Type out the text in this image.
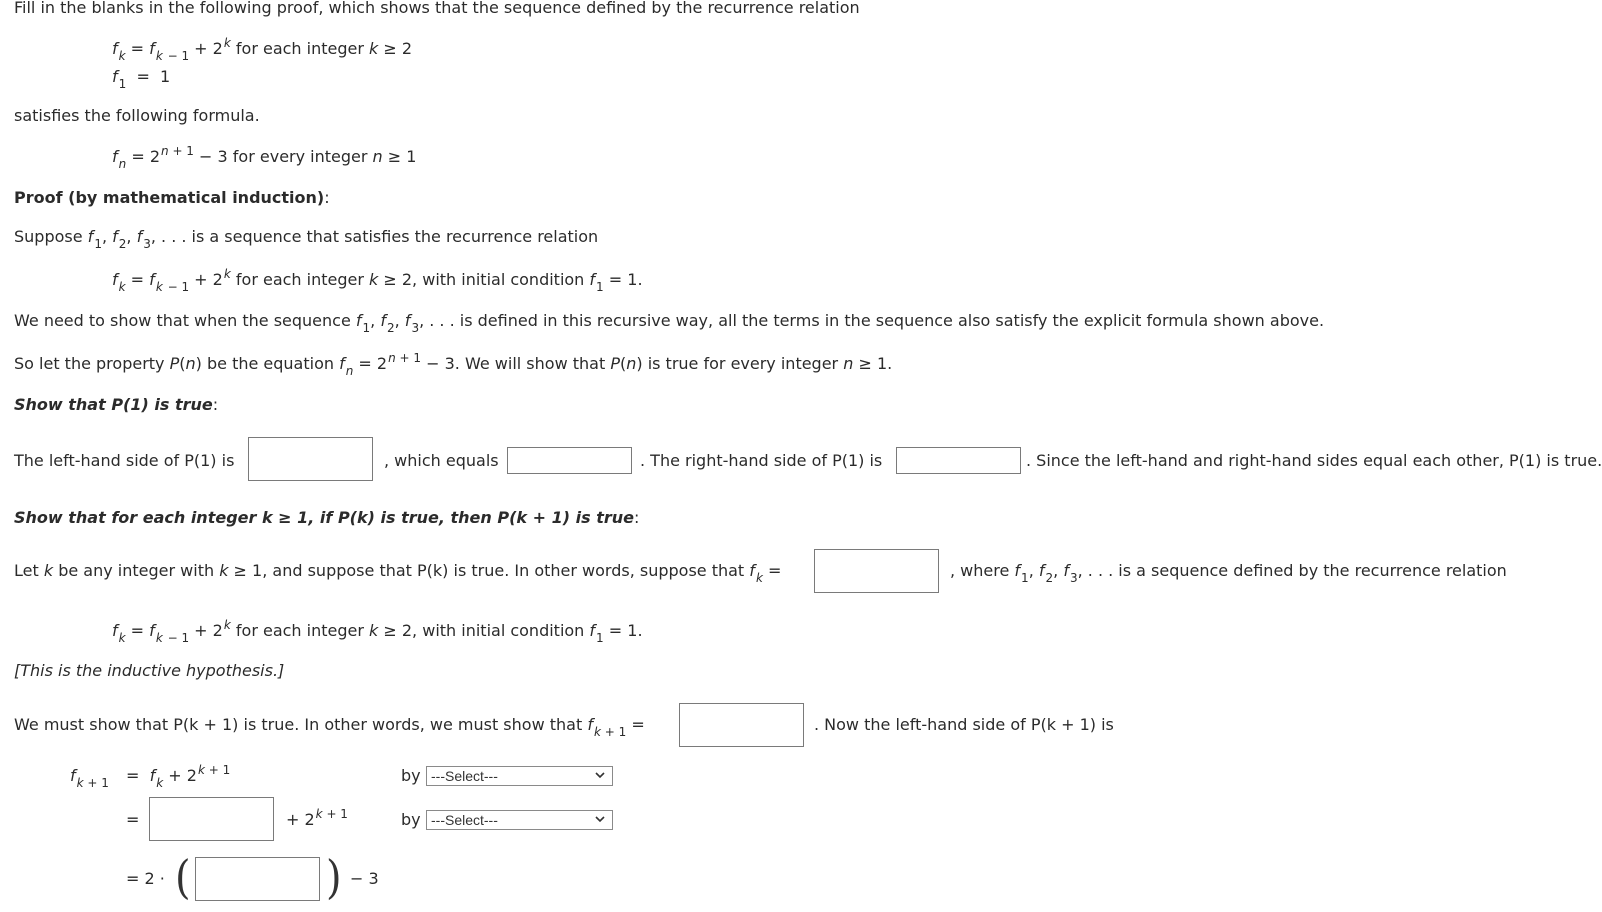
Fill in the blanks in the following proof, which shows that the sequence defined by the recurrence relation
$f_k = f_k$ $_{- 1} + 2^k$ for each integer k ≥ 2
$f_1 = 1$
satisfies the following formula.
$f_n = 2^{n + 1} - 3$ for every integer n ≥ 1
Proof (by mathematical induction):
Suppose $f_1$, $f_2$, $f_3$, . . . is a sequence that satisfies the recurrence relation
$f_k = f_k$ $_{- 1} + 2^k$ for each integer k ≥ 2, with initial condition $f_1 = 1$.
We need to show that when the sequence $f_1$, $f_2$, $f_3$, . . . is defined in this recursive way, all the terms in the sequence also satisfy the explicit formula shown above.
So let the property P(n) be the equation $f_n = 2^{n + 1} - 3$. We will show that P(n) is true for every integer n ≥ 1.
Show that P(1) is true:
The left-hand side of P(1) is	, which equals	. The right-hand side of P(1) is	. Since the left-hand and right-hand sides equal each other, P(1) is true.
Show that for each integer k ≥ 1, if P(k) is true, then P(k + 1) is true:
Let k be any integer with k ≥ 1, and suppose that P(k) is true. In other words, suppose that $f_k$ =	, where $f_1$, $f_2$, $f_3$, . . . is a sequence defined by the recurrence relation
$f_k = f_k$ $_{- 1} + 2^k$ for each integer k ≥ 2, with initial condition $f_1 = 1$.
[This is the inductive hypothesis.]
We must show that P(k + 1) is true. In other words, we must show that $f_{k + 1}$ =	. Now the left-hand side of P(k + 1) is
$f_{k + 1} = f_k + 2^{k + 1}$	by ---Select---
=	+ $2^{k + 1}$	by ---Select---
= 2 · (	) − 3
